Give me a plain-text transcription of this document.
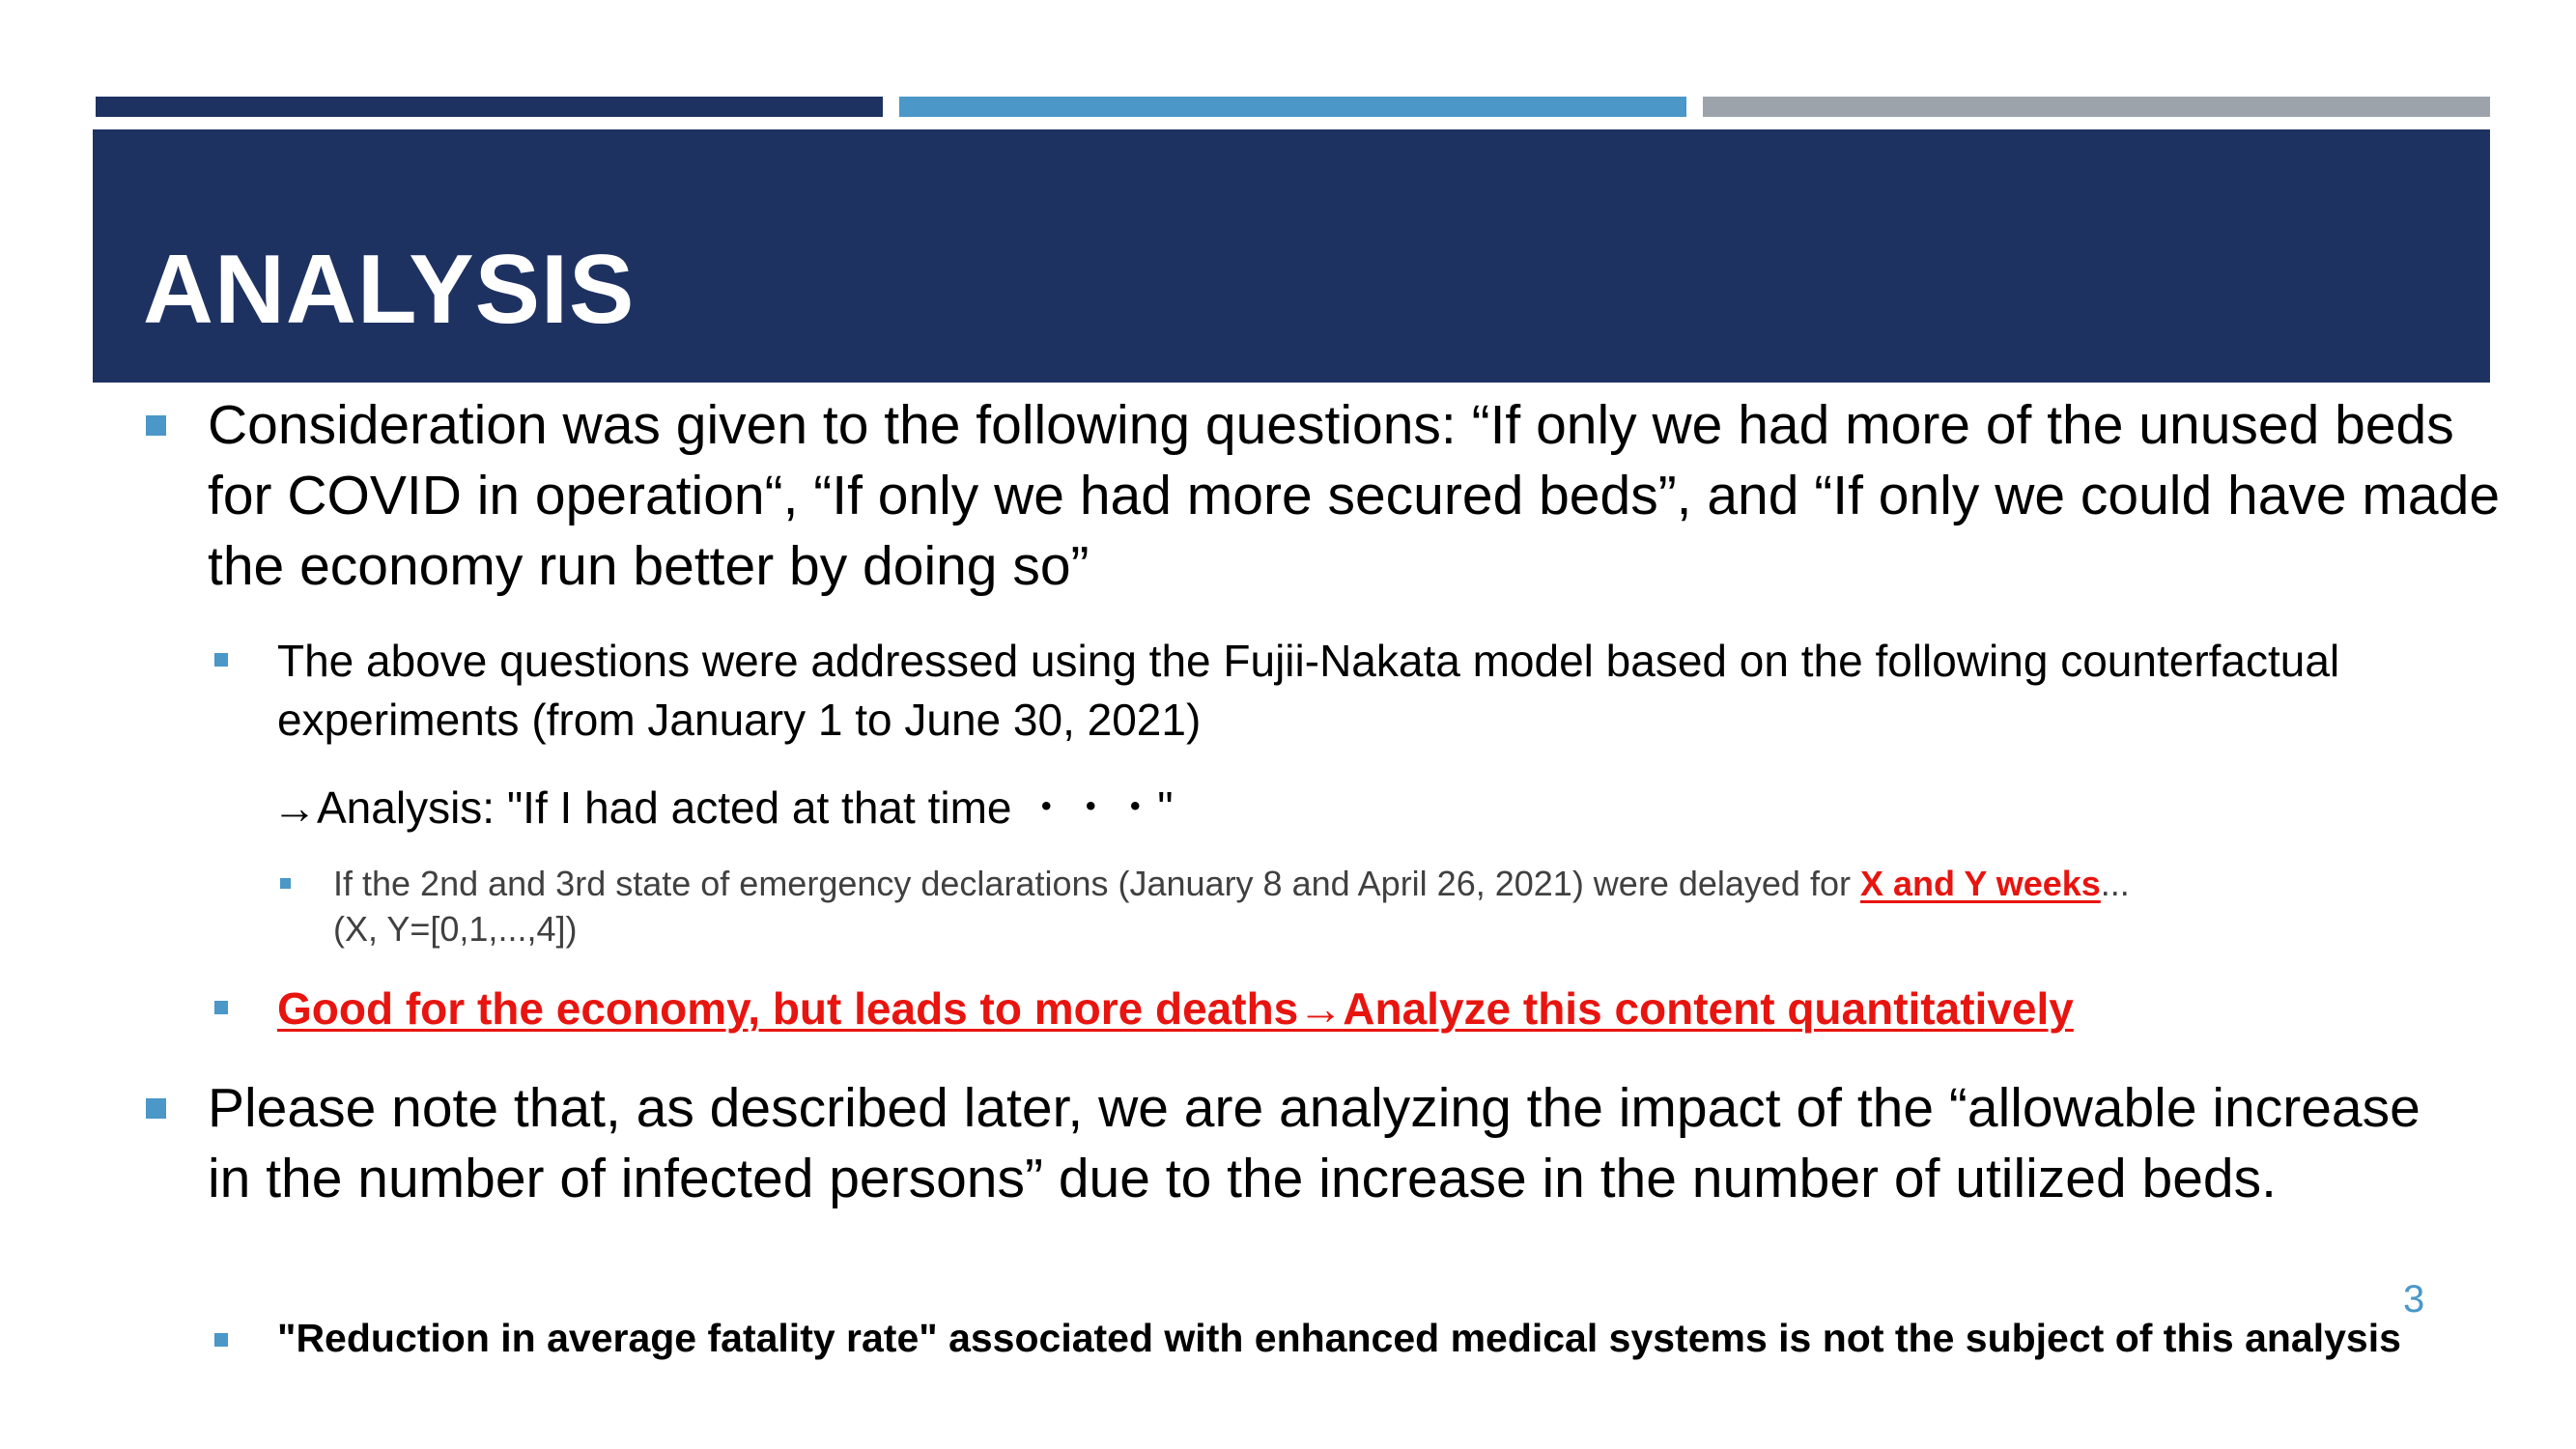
ANALYSIS

Consideration was given to the following questions: “If only we had more of the unused beds for COVID in operation“, “If only we had more secured beds”, and “If only we could have made the economy run better by doing so”

The above questions were addressed using the Fujii-Nakata model based on the following counterfactual experiments (from January 1 to June 30, 2021)

→Analysis: "If I had acted at that time ・・・"

If the 2nd and 3rd state of emergency declarations (January 8 and April 26, 2021) were delayed for X and Y weeks...
(X, Y=[0,1,...,4])

Good for the economy, but leads to more deaths→Analyze this content quantitatively

Please note that, as described later, we are analyzing the impact of the “allowable increase in the number of infected persons” due to the increase in the number of utilized beds.

"Reduction in average fatality rate" associated with enhanced medical systems is not the subject of this analysis

3
